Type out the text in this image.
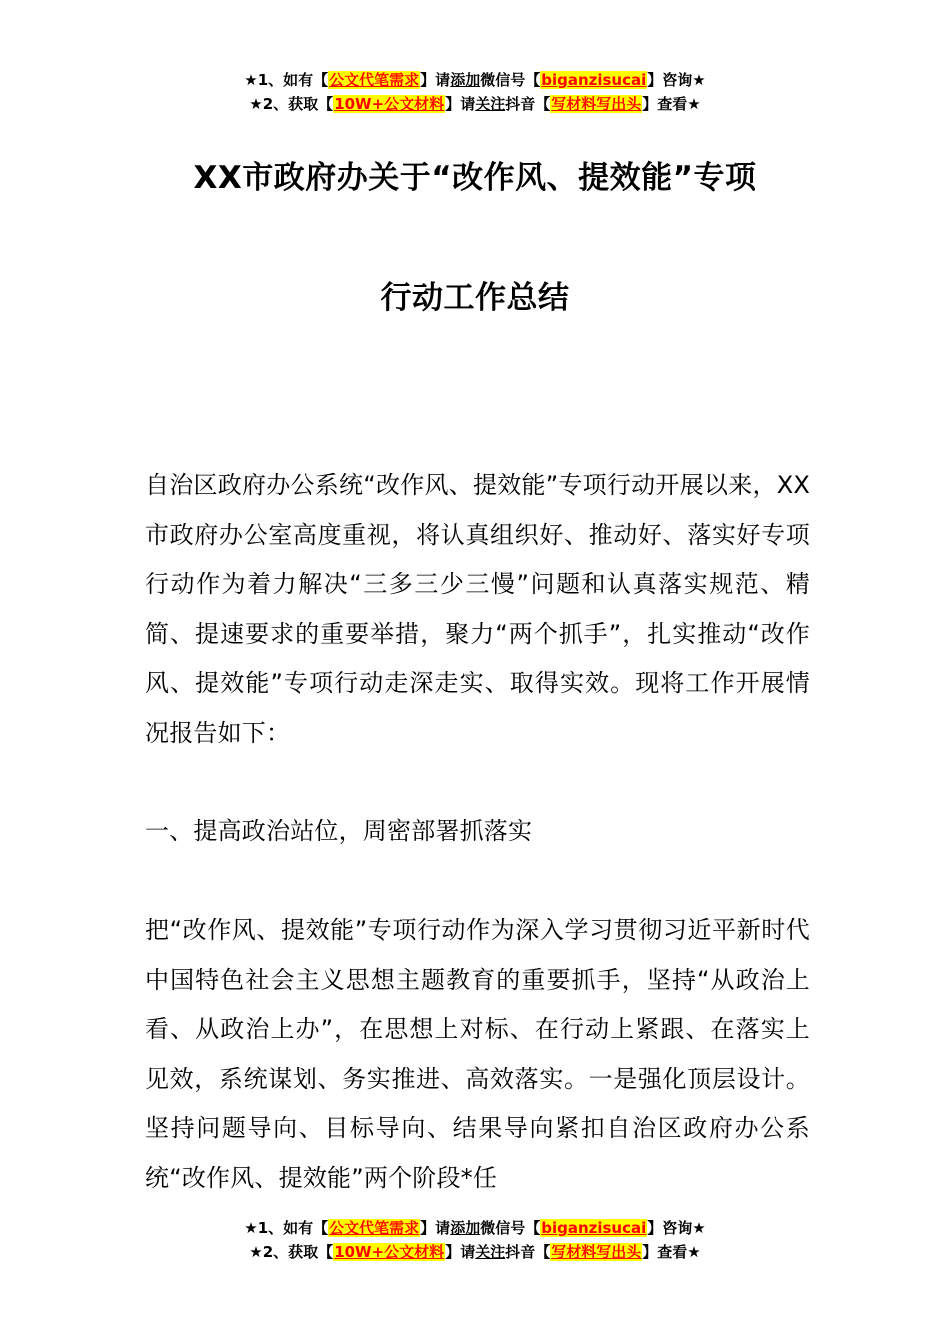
★1、如有【公文代笔需求】请添加微信号【biganzisucai】咨询★
★2、获取【10W+公文材料】请关注抖音【写材料写出头】查看★
XX市政府办关于“改作风、提效能”专项
行动工作总结

自治区政府办公系统“改作风、提效能”专项行动开展以来，XX市政府办公室高度重视，将认真组织好、推动好、落实好专项行动作为着力解决“三多三少三慢”问题和认真落实规范、精简、提速要求的重要举措，聚力“两个抓手”，扎实推动“改作风、提效能”专项行动走深走实、取得实效。现将工作开展情况报告如下：

一、提高政治站位，周密部署抓落实

把“改作风、提效能”专项行动作为深入学习贯彻习近平新时代中国特色社会主义思想主题教育的重要抓手，坚持“从政治上看、从政治上办”，在思想上对标、在行动上紧跟、在落实上见效，系统谋划、务实推进、高效落实。一是强化顶层设计。坚持问题导向、目标导向、结果导向紧扣自治区政府办公系统“改作风、提效能”两个阶段*任

★1、如有【公文代笔需求】请添加微信号【biganzisucai】咨询★
★2、获取【10W+公文材料】请关注抖音【写材料写出头】查看★
